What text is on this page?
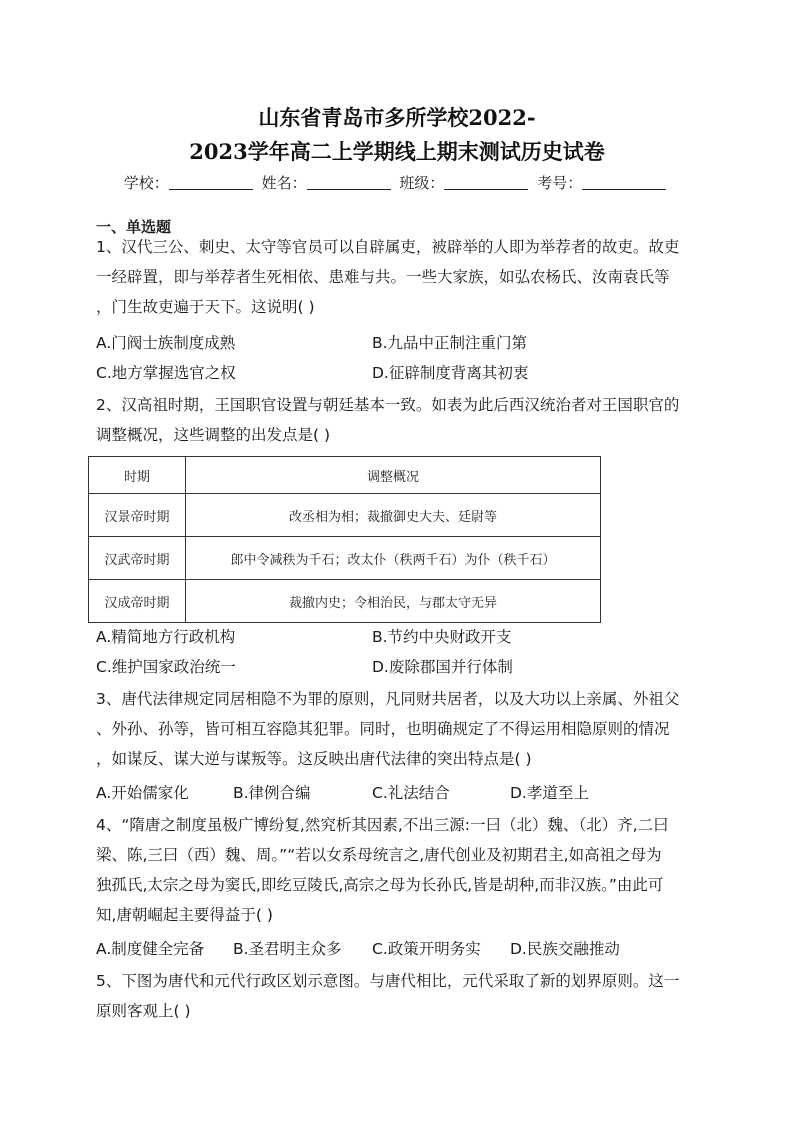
山东省青岛市多所学校2022-
2023学年高二上学期线上期末测试历史试卷
学校：	姓名：	班级：	考号：
一、单选题
1、汉代三公、刺史、太守等官员可以自辟属吏，被辟举的人即为举荐者的故吏。故吏
一经辟置，即与举荐者生死相依、患难与共。一些大家族，如弘农杨氏、汝南袁氏等
，门生故吏遍于天下。这说明( )
A.门阀士族制度成熟	B.九品中正制注重门第
C.地方掌握选官之权	D.征辟制度背离其初衷
2、汉高祖时期，王国职官设置与朝廷基本一致。如表为此后西汉统治者对王国职官的
调整概况，这些调整的出发点是( )
时期	调整概况
汉景帝时期	改丞相为相；裁撤御史大夫、廷尉等
汉武帝时期	郎中令减秩为千石；改太仆（秩两千石）为仆（秩千石）
汉成帝时期	裁撤内史；令相治民，与郡太守无异
A.精简地方行政机构	B.节约中央财政开支
C.维护国家政治统一	D.废除郡国并行体制
3、唐代法律规定同居相隐不为罪的原则，凡同财共居者，以及大功以上亲属、外祖父
、外孙、孙等，皆可相互容隐其犯罪。同时，也明确规定了不得运用相隐原则的情况
，如谋反、谋大逆与谋叛等。这反映出唐代法律的突出特点是( )
A.开始儒家化	B.律例合编	C.礼法结合	D.孝道至上
4、“隋唐之制度虽极广博纷复,然究析其因素,不出三源:一曰（北）魏、（北）齐,二曰
梁、陈,三曰（西）魏、周。”“若以女系母统言之,唐代创业及初期君主,如高祖之母为
独孤氏,太宗之母为窦氏,即纥豆陵氏,高宗之母为长孙氏,皆是胡种,而非汉族。”由此可
知,唐朝崛起主要得益于( )
A.制度健全完备 B.圣君明主众多 C.政策开明务实 D.民族交融推动
5、下图为唐代和元代行政区划示意图。与唐代相比，元代采取了新的划界原则。这一
原则客观上( )
